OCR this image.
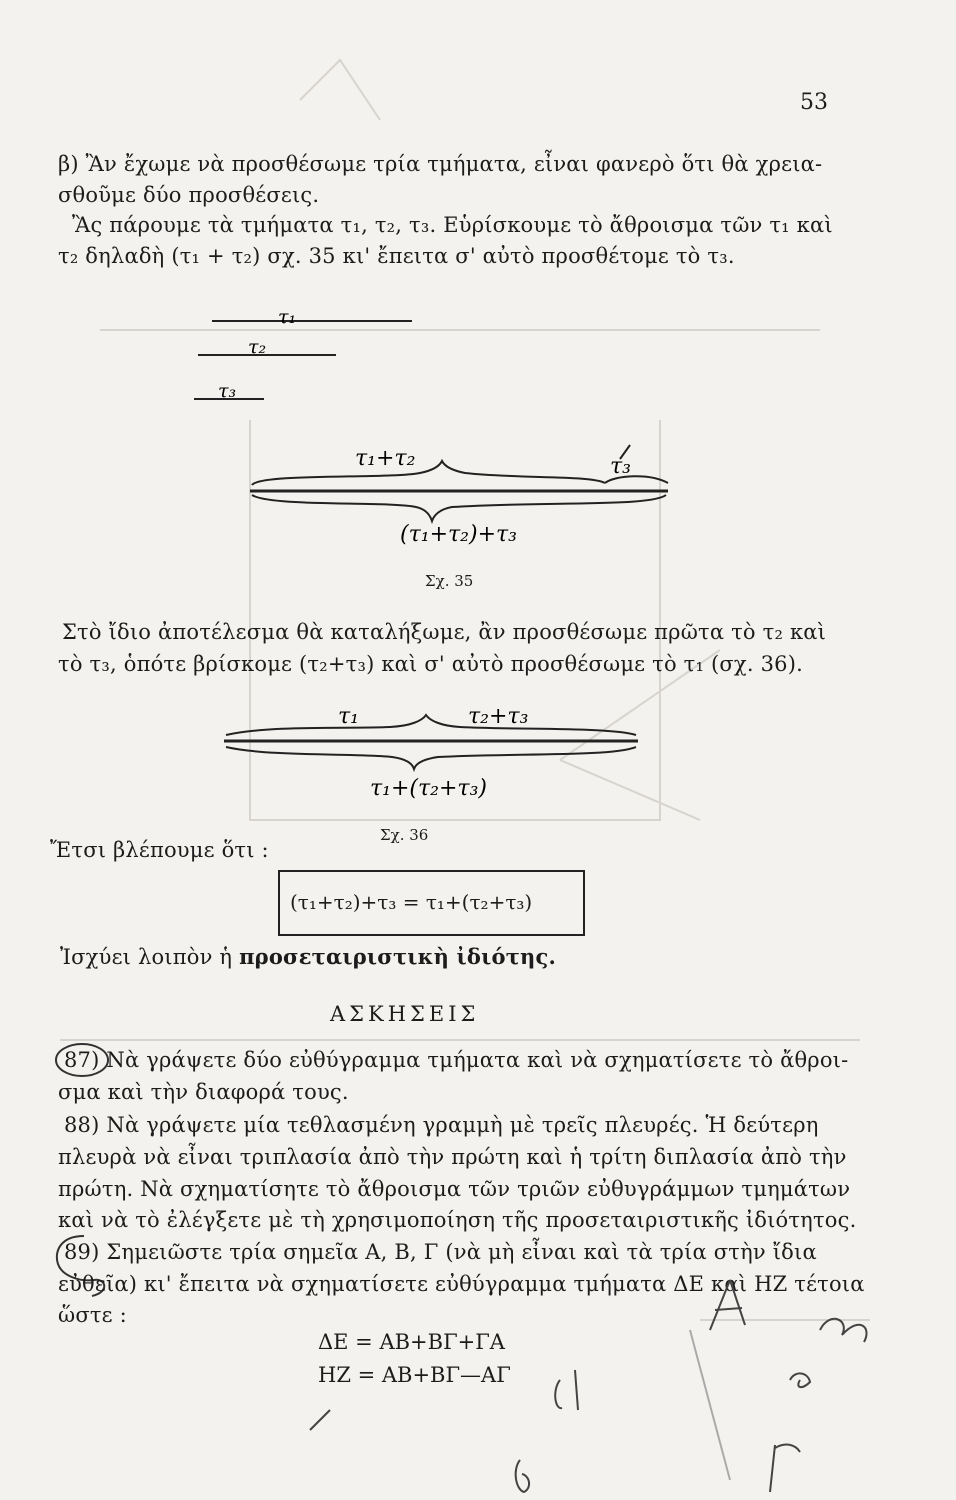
53
β) Ἂν ἔχωμε νὰ προσθέσωμε τρία τμήματα, εἶναι φανερὸ ὅτι θὰ χρεια-
σθοῦμε δύο προσθέσεις.
Ἂς πάρουμε τὰ τμήματα τ₁, τ₂, τ₃. Εὑρίσκουμε τὸ ἄθροισμα τῶν τ₁ καὶ
τ₂ δηλαδὴ (τ₁ + τ₂) σχ. 35 κι' ἔπειτα σ' αὐτὸ προσθέτομε τὸ τ₃.
τ₁
τ₂
τ₃
τ₁+τ₂	τ₃
(τ₁+τ₂)+τ₃
Σχ. 35
Στὸ ἴδιο ἀποτέλεσμα θὰ καταλήξωμε, ἂν προσθέσωμε πρῶτα τὸ τ₂ καὶ
τὸ τ₃, ὁπότε βρίσκομε (τ₂+τ₃) καὶ σ' αὐτὸ προσθέσωμε τὸ τ₁ (σχ. 36).
τ₁	τ₂+τ₃
τ₁+(τ₂+τ₃)
Σχ. 36
Ἔτσι βλέπουμε ὅτι :
(τ₁+τ₂)+τ₃ = τ₁+(τ₂+τ₃)
Ἰσχύει λοιπὸν ἡ προσεταιριστικὴ ἰδιότης.
ΑΣΚΗΣΕΙΣ
87) Νὰ γράψετε δύο εὐθύγραμμα τμήματα καὶ νὰ σχηματίσετε τὸ ἄθροι-
σμα καὶ τὴν διαφορά τους.
88) Νὰ γράψετε μία τεθλασμένη γραμμὴ μὲ τρεῖς πλευρές. Ἡ δεύτερη
πλευρὰ νὰ εἶναι τριπλασία ἀπὸ τὴν πρώτη καὶ ἡ τρίτη διπλασία ἀπὸ τὴν
πρώτη. Νὰ σχηματίσητε τὸ ἄθροισμα τῶν τριῶν εὐθυγράμμων τμημάτων
καὶ νὰ τὸ ἐλέγξετε μὲ τὴ χρησιμοποίηση τῆς προσεταιριστικῆς ἰδιότητος.
89) Σημειῶστε τρία σημεῖα Α, Β, Γ (νὰ μὴ εἶναι καὶ τὰ τρία στὴν ἴδια
εὐθεῖα) κι' ἔπειτα νὰ σχηματίσετε εὐθύγραμμα τμήματα ΔΕ καὶ ΗΖ τέτοια
ὥστε :
ΔΕ = ΑΒ+ΒΓ+ΓΑ
ΗΖ = ΑΒ+ΒΓ—ΑΓ
